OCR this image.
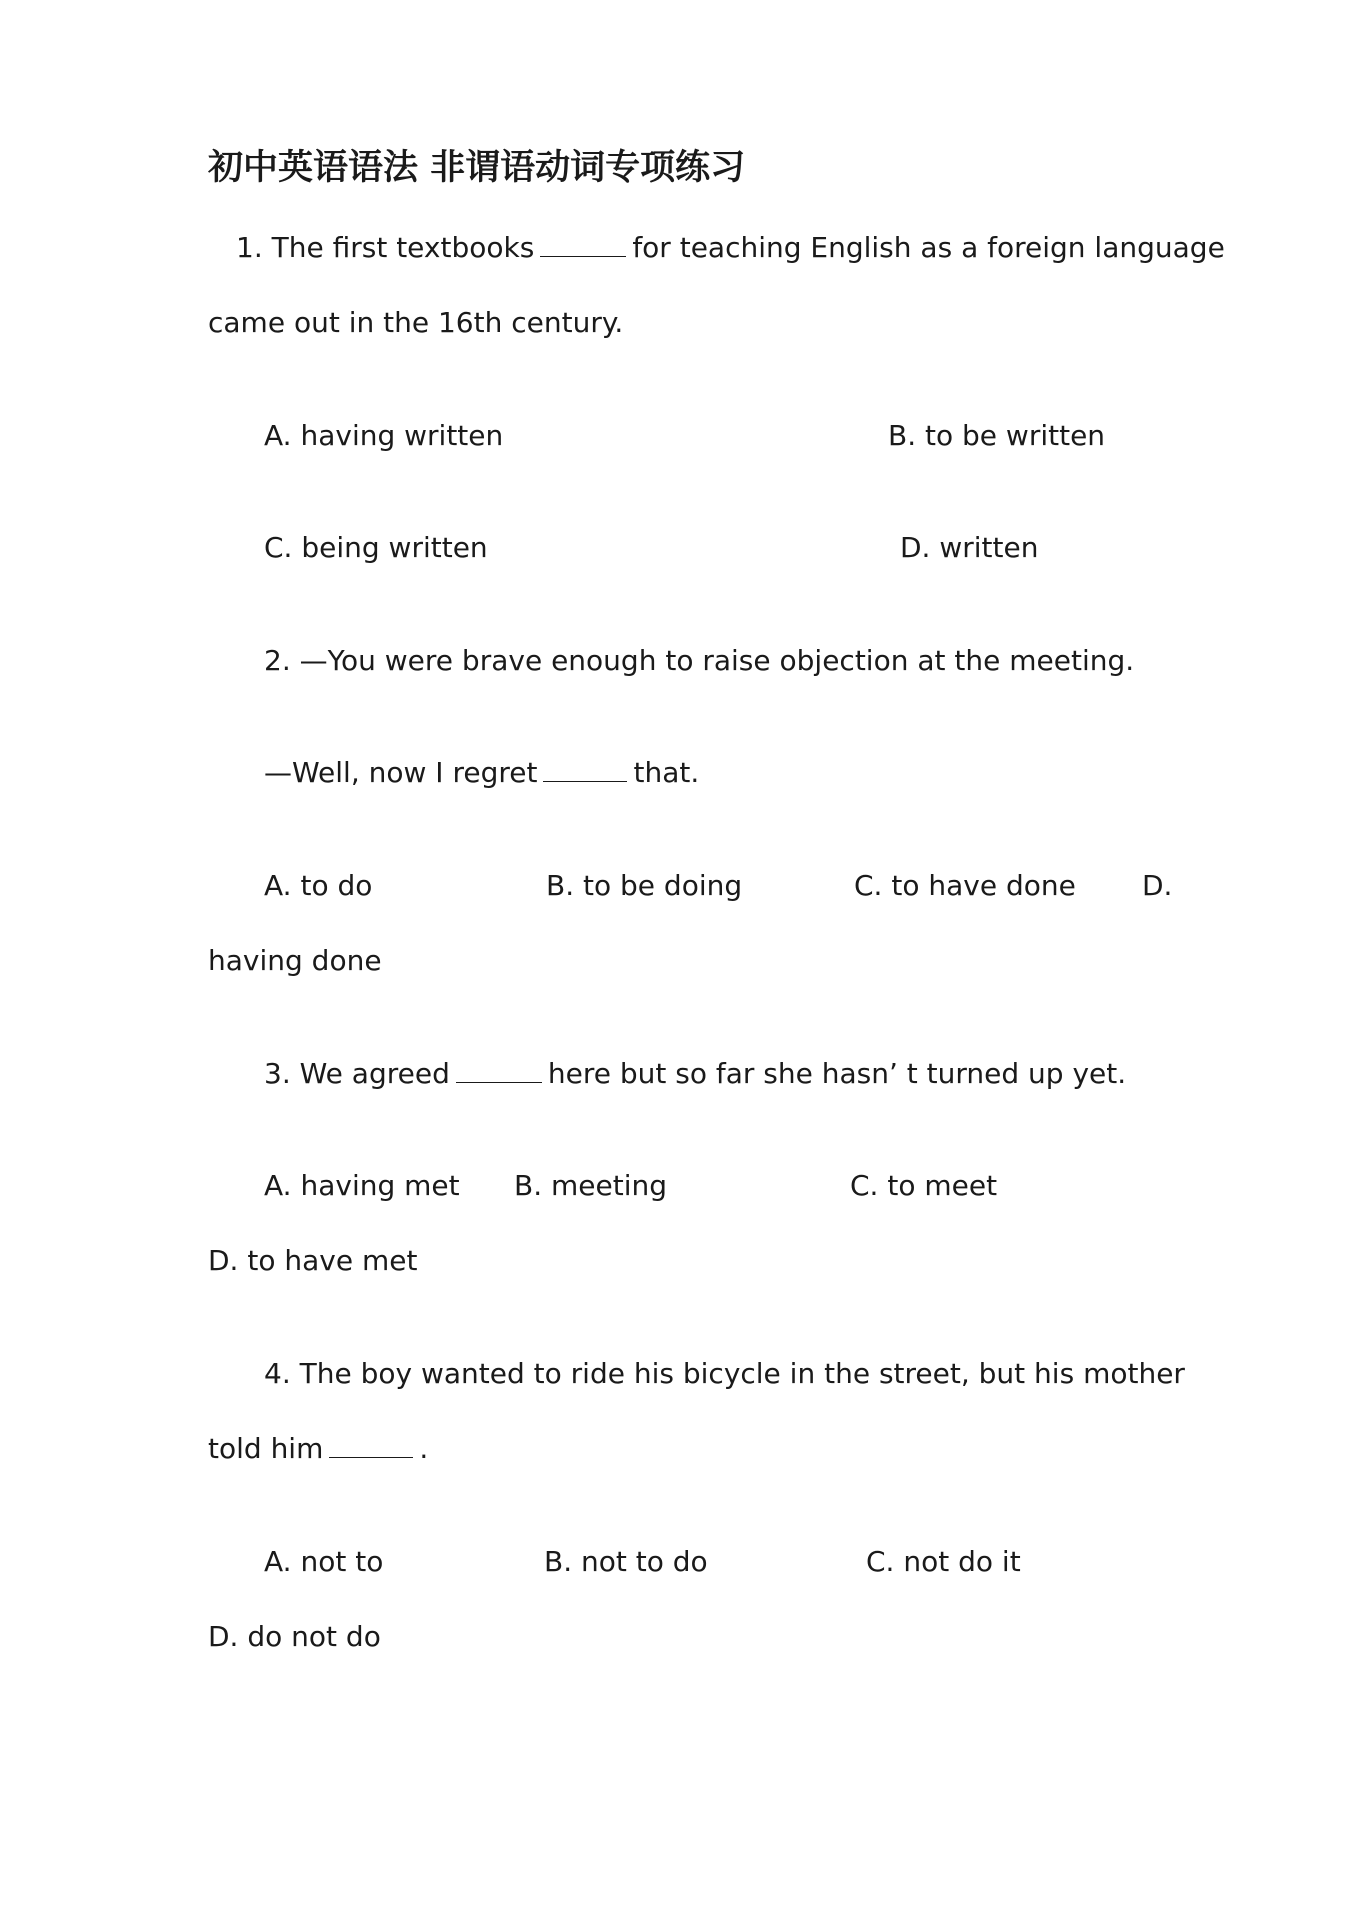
初中英语语法 非谓语动词专项练习
1. The first textbooks	for teaching English as a foreign language
came out in the 16th century.
A. having written	B. to be written
C. being written	D. written
2. —You were brave enough to raise objection at the meeting.
—Well, now I regret	that.
A. to do	B. to be doing	C. to have done D.
having done
3. We agreed	here but so far she hasn’ t turned up yet.
A. having met B. meeting	C. to meet
D. to have met
4. The boy wanted to ride his bicycle in the street, but his mother
told him	.
A. not to	B. not to do	C. not do it
D. do not do
